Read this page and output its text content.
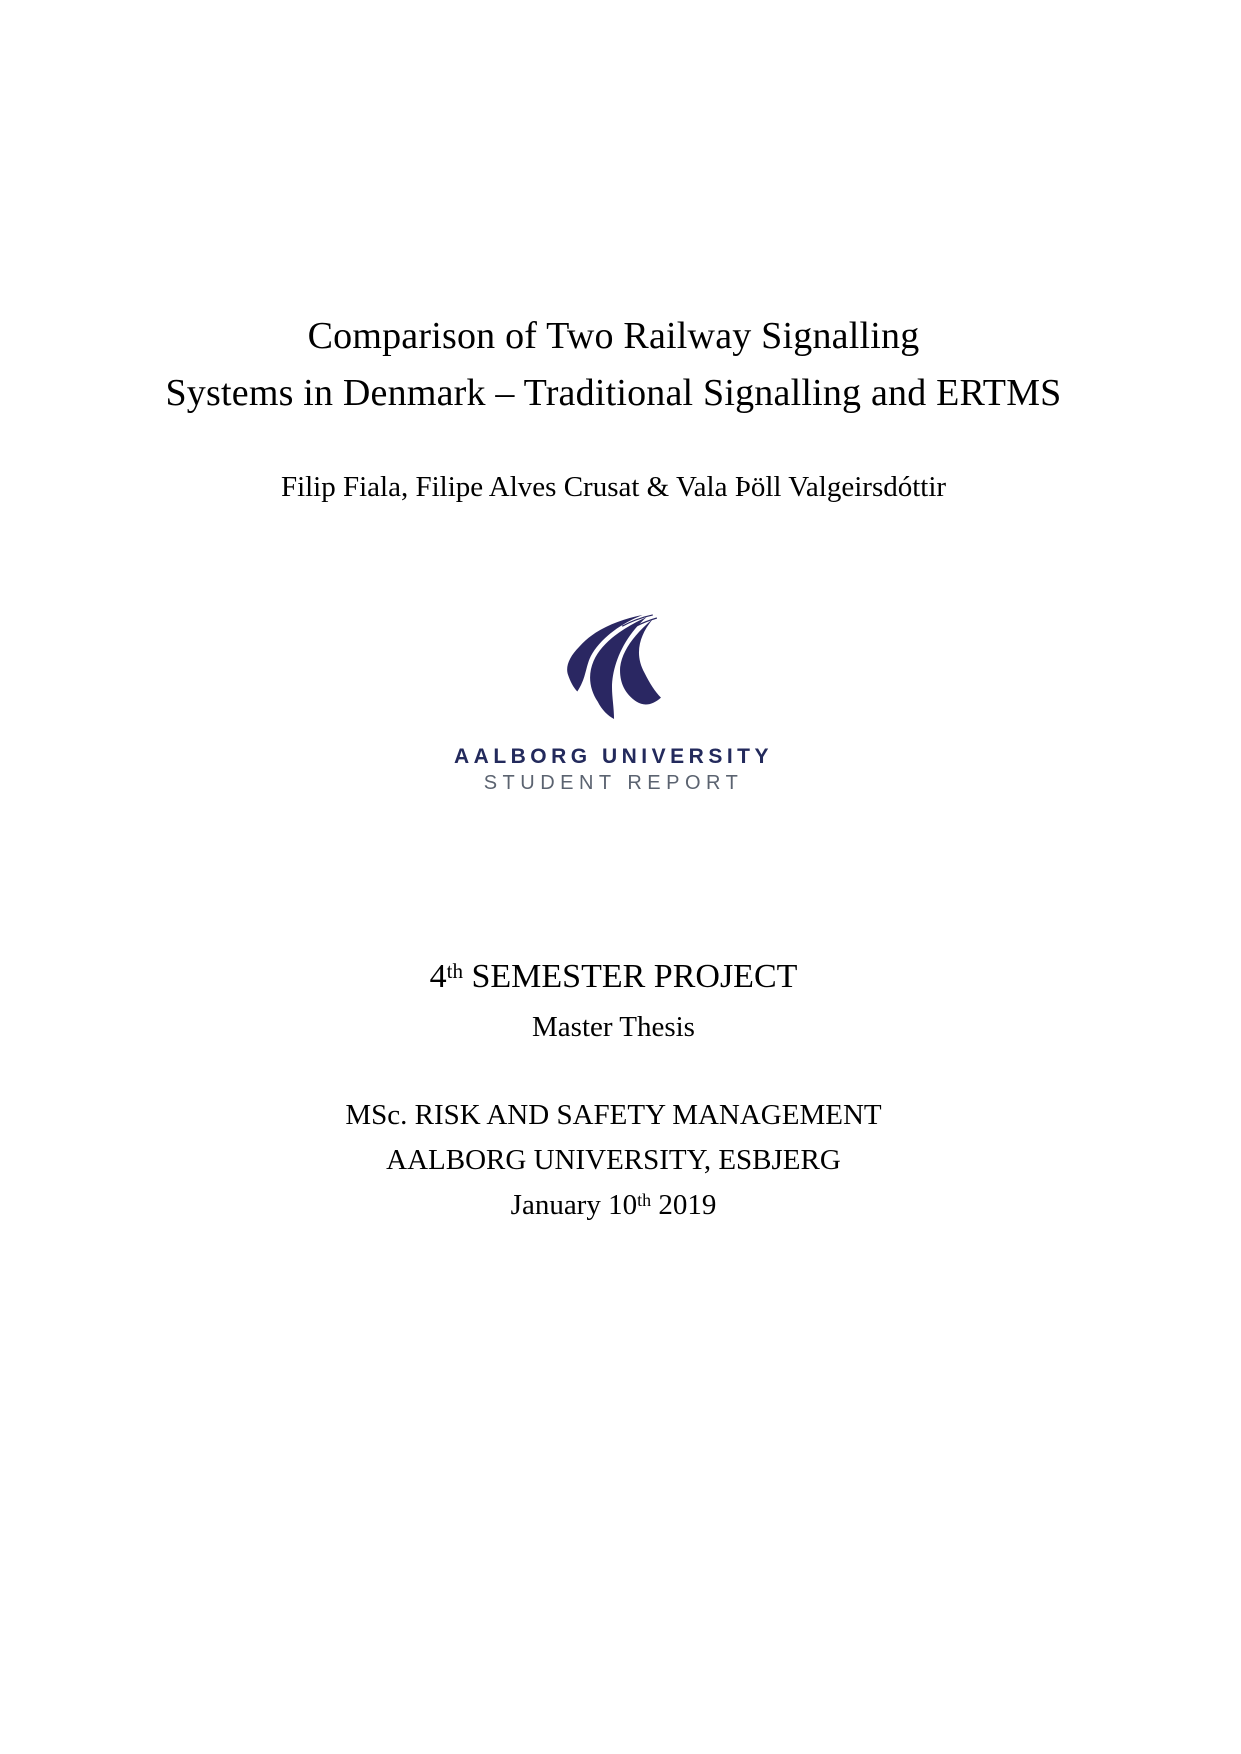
Comparison of Two Railway Signalling
Systems in Denmark – Traditional Signalling and ERTMS
Filip Fiala, Filipe Alves Crusat & Vala Þöll Valgeirsdóttir
AALBORG UNIVERSITY
STUDENT REPORT
4th SEMESTER PROJECT
Master Thesis
MSc. RISK AND SAFETY MANAGEMENT
AALBORG UNIVERSITY, ESBJERG
January 10th 2019
